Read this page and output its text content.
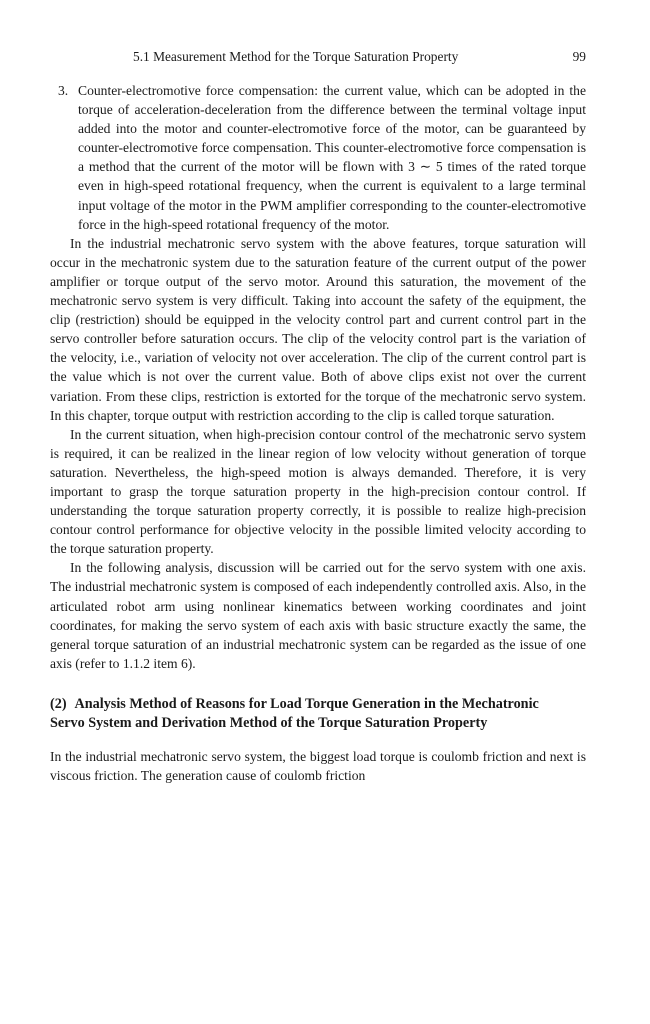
5.1 Measurement Method for the Torque Saturation Property	99
3. Counter-electromotive force compensation: the current value, which can be adopted in the torque of acceleration-deceleration from the difference between the terminal voltage input added into the motor and counter-electromotive force of the motor, can be guaranteed by counter-electromotive force compensation. This counter-electromotive force compensation is a method that the current of the motor will be flown with 3 ∼ 5 times of the rated torque even in high-speed rotational frequency, when the current is equivalent to a large terminal input voltage of the motor in the PWM amplifier corresponding to the counter-electromotive force in the high-speed rotational frequency of the motor.

In the industrial mechatronic servo system with the above features, torque saturation will occur in the mechatronic system due to the saturation feature of the current output of the power amplifier or torque output of the servo motor. Around this saturation, the movement of the mechatronic servo system is very difficult. Taking into account the safety of the equipment, the clip (restriction) should be equipped in the velocity control part and current control part in the servo controller before saturation occurs. The clip of the velocity control part is the variation of the velocity, i.e., variation of velocity not over acceleration. The clip of the current control part is the value which is not over the current value. Both of above clips exist not over the current variation. From these clips, restriction is extorted for the torque of the mechatronic servo system. In this chapter, torque output with restriction according to the clip is called torque saturation.

In the current situation, when high-precision contour control of the mechatronic servo system is required, it can be realized in the linear region of low velocity without generation of torque saturation. Nevertheless, the high-speed motion is always demanded. Therefore, it is very important to grasp the torque saturation property in the high-precision contour control. If understanding the torque saturation property correctly, it is possible to realize high-precision contour control performance for objective velocity in the possible limited velocity according to the torque saturation property.

In the following analysis, discussion will be carried out for the servo system with one axis. The industrial mechatronic system is composed of each independently controlled axis. Also, in the articulated robot arm using nonlinear kinematics between working coordinates and joint coordinates, for making the servo system of each axis with basic structure exactly the same, the general torque saturation of an industrial mechatronic system can be regarded as the issue of one axis (refer to 1.1.2 item 6).

(2) Analysis Method of Reasons for Load Torque Generation in the Mechatronic Servo System and Derivation Method of the Torque Saturation Property

In the industrial mechatronic servo system, the biggest load torque is coulomb friction and next is viscous friction. The generation cause of coulomb friction
